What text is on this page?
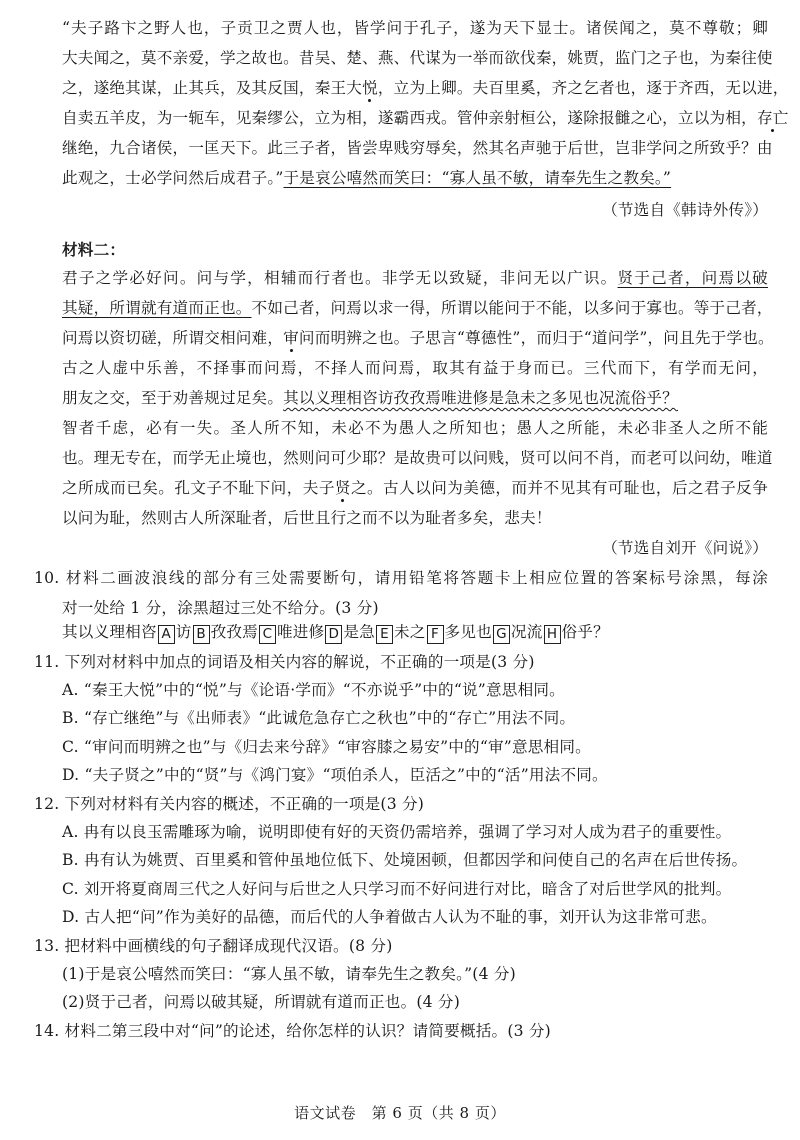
“夫子路卞之野人也，子贡卫之贾人也，皆学问于孔子，遂为天下显士。诸侯闻之，莫不尊敬；卿
大夫闻之，莫不亲爱，学之故也。昔吴、楚、燕、代谋为一举而欲伐秦，姚贾，监门之子也，为秦往使
之，遂绝其谋，止其兵，及其反国，秦王大悦，立为上卿。夫百里奚，齐之乞者也，逐于齐西，无以进，
自卖五羊皮，为一轭车，见秦缪公，立为相，遂霸西戎。管仲亲射桓公，遂除报雠之心，立以为相，存亡
继绝，九合诸侯，一匡天下。此三子者，皆尝卑贱穷辱矣，然其名声驰于后世，岂非学问之所致乎？由
此观之，士必学问然后成君子。”于是哀公嘻然而笑曰：“寡人虽不敏，请奉先生之教矣。”
（节选自《韩诗外传》）
材料二：
君子之学必好问。问与学，相辅而行者也。非学无以致疑，非问无以广识。贤于己者，问焉以破
其疑，所谓就有道而正也。不如己者，问焉以求一得，所谓以能问于不能，以多问于寡也。等于己者，
问焉以资切磋，所谓交相问难，审问而明辨之也。子思言“尊德性”，而归于“道问学”，问且先于学也。
古之人虚中乐善，不择事而问焉，不择人而问焉，取其有益于身而已。三代而下，有学而无问，
朋友之交，至于劝善规过足矣。其以义理相咨访孜孜焉唯进修是急未之多见也况流俗乎？
智者千虑，必有一失。圣人所不知，未必不为愚人之所知也；愚人之所能，未必非圣人之所不能
也。理无专在，而学无止境也，然则问可少耶？是故贵可以问贱，贤可以问不肖，而老可以问幼，唯道
之所成而已矣。孔文子不耻下问，夫子贤之。古人以问为美德，而并不见其有可耻也，后之君子反争
以问为耻，然则古人所深耻者，后世且行之而不以为耻者多矣，悲夫！
（节选自刘开《问说》）
10. 材料二画波浪线的部分有三处需要断句，请用铅笔将答题卡上相应位置的答案标号涂黑，每涂
对一处给 1 分，涂黑超过三处不给分。(3 分)
其以义理相咨 A 访 B 孜孜焉 C 唯进修 D 是急 E 未之 F 多见也 G 况流 H 俗乎？
11. 下列对材料中加点的词语及相关内容的解说，不正确的一项是(3 分)
A. “秦王大悦”中的“悦”与《论语·学而》“不亦说乎”中的“说”意思相同。
B. “存亡继绝”与《出师表》“此诚危急存亡之秋也”中的“存亡”用法不同。
C. “审问而明辨之也”与《归去来兮辞》“审容膝之易安”中的“审”意思相同。
D. “夫子贤之”中的“贤”与《鸿门宴》“项伯杀人，臣活之”中的“活”用法不同。
12. 下列对材料有关内容的概述，不正确的一项是(3 分)
A. 冉有以良玉需雕琢为喻，说明即使有好的天资仍需培养，强调了学习对人成为君子的重要性。
B. 冉有认为姚贾、百里奚和管仲虽地位低下、处境困顿，但都因学和问使自己的名声在后世传扬。
C. 刘开将夏商周三代之人好问与后世之人只学习而不好问进行对比，暗含了对后世学风的批判。
D. 古人把“问”作为美好的品德，而后代的人争着做古人认为不耻的事，刘开认为这非常可悲。
13. 把材料中画横线的句子翻译成现代汉语。(8 分)
(1)于是哀公嘻然而笑曰：“寡人虽不敏，请奉先生之教矣。”(4 分)
(2)贤于己者，问焉以破其疑，所谓就有道而正也。(4 分)
14. 材料二第三段中对“问”的论述，给你怎样的认识？请简要概括。(3 分)
语文试卷　第 6 页（共 8 页）
